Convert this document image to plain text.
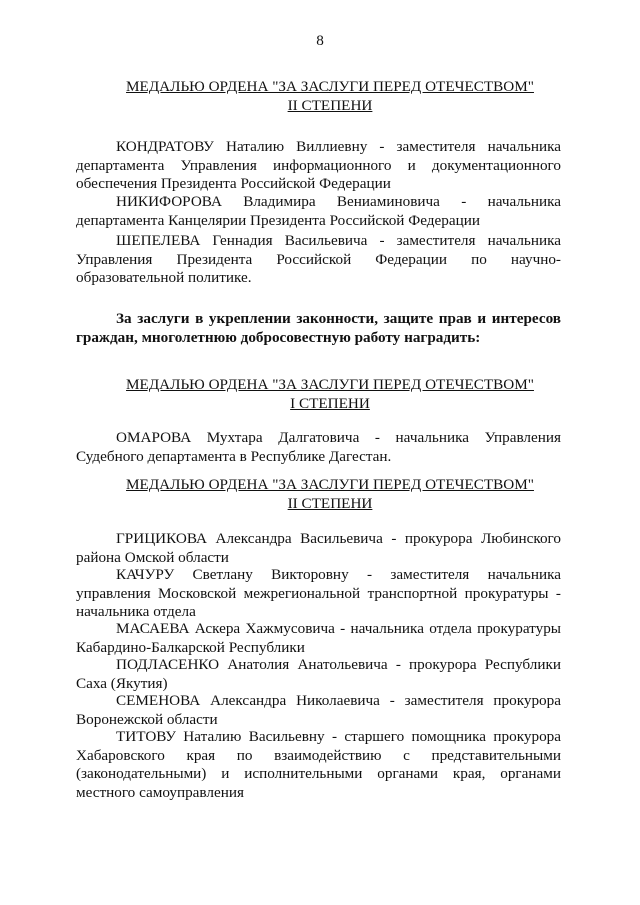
8
МЕДАЛЬЮ ОРДЕНА "ЗА ЗАСЛУГИ ПЕРЕД ОТЕЧЕСТВОМ"
II СТЕПЕНИ
КОНДРАТОВУ Наталию Виллиевну - заместителя начальника департамента Управления информационного и документационного обеспечения Президента Российской Федерации
НИКИФОРОВА Владимира Вениаминовича - начальника департамента Канцелярии Президента Российской Федерации
ШЕПЕЛЕВА Геннадия Васильевича - заместителя начальника Управления Президента Российской Федерации по научно-образовательной политике.
За заслуги в укреплении законности, защите прав и интересов граждан, многолетнюю добросовестную работу наградить:
МЕДАЛЬЮ ОРДЕНА "ЗА ЗАСЛУГИ ПЕРЕД ОТЕЧЕСТВОМ"
I СТЕПЕНИ
ОМАРОВА Мухтара Далгатовича - начальника Управления Судебного департамента в Республике Дагестан.
МЕДАЛЬЮ ОРДЕНА "ЗА ЗАСЛУГИ ПЕРЕД ОТЕЧЕСТВОМ"
II СТЕПЕНИ
ГРИЦИКОВА Александра Васильевича - прокурора Любинского района Омской области
КАЧУРУ Светлану Викторовну - заместителя начальника управления Московской межрегиональной транспортной прокуратуры - начальника отдела
МАСАЕВА Аскера Хажмусовича - начальника отдела прокуратуры Кабардино-Балкарской Республики
ПОДЛАСЕНКО Анатолия Анатольевича - прокурора Республики Саха (Якутия)
СЕМЕНОВА Александра Николаевича - заместителя прокурора Воронежской области
ТИТОВУ Наталию Васильевну - старшего помощника прокурора Хабаровского края по взаимодействию с представительными (законодательными) и исполнительными органами края, органами местного самоуправления
